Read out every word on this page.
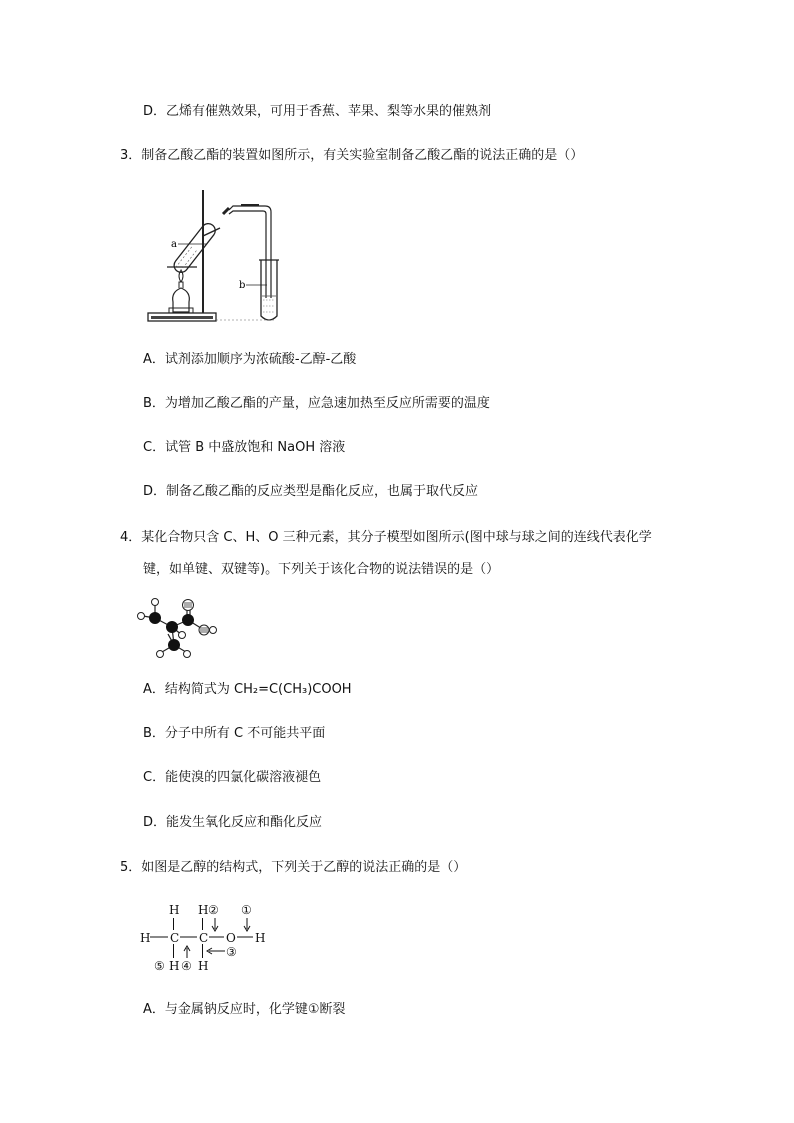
D．乙烯有催熟效果，可用于香蕉、苹果、梨等水果的催熟剂
3．制备乙酸乙酯的装置如图所示，有关实验室制备乙酸乙酯的说法正确的是（）
a
b
A．试剂添加顺序为浓硫酸-乙醇-乙酸
B．为增加乙酸乙酯的产量，应急速加热至反应所需要的温度
C．试管 B 中盛放饱和 NaOH 溶液
D．制备乙酸乙酯的反应类型是酯化反应，也属于取代反应
4．某化合物只含 C、H、O 三种元素，其分子模型如图所示(图中球与球之间的连线代表化学
键，如单键、双键等)。下列关于该化合物的说法错误的是（）
A．结构简式为 CH₂=C(CH₃)COOH
B．分子中所有 C 不可能共平面
C．能使溴的四氯化碳溶液褪色
D．能发生氧化反应和酯化反应
5．如图是乙醇的结构式，下列关于乙醇的说法正确的是（）
H H ② ①
H C C O H
③
⑤ H ④ H
A．与金属钠反应时，化学键①断裂
